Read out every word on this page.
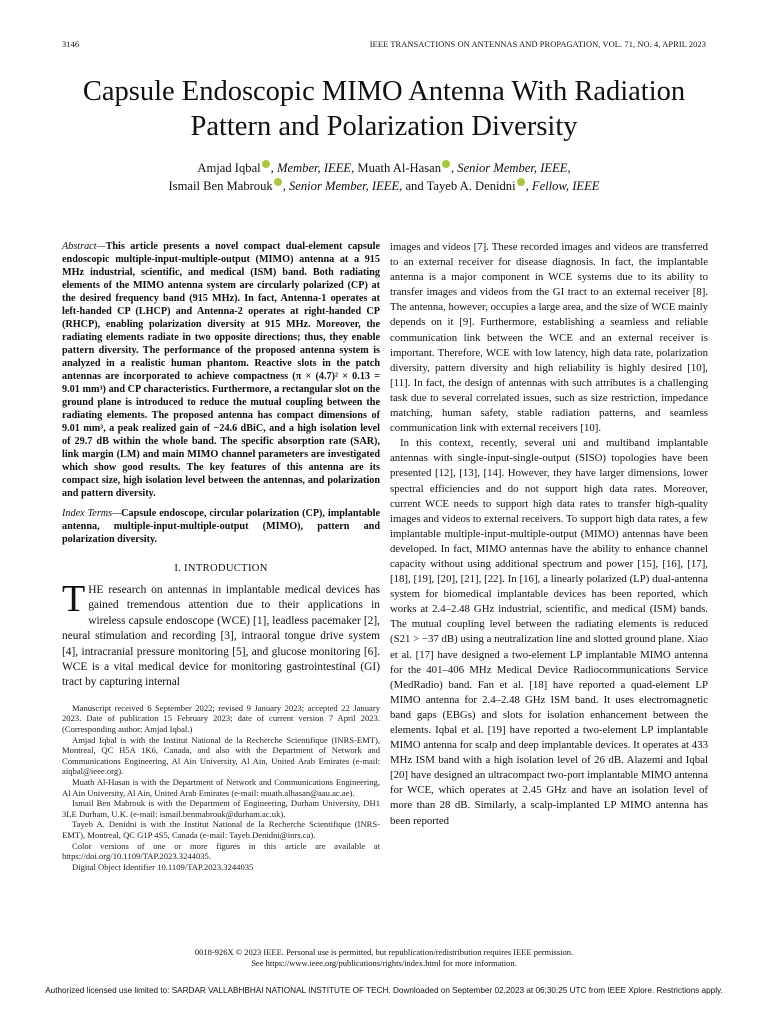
3146	IEEE TRANSACTIONS ON ANTENNAS AND PROPAGATION, VOL. 71, NO. 4, APRIL 2023
Capsule Endoscopic MIMO Antenna With Radiation Pattern and Polarization Diversity
Amjad Iqbal , Member, IEEE, Muath Al-Hasan , Senior Member, IEEE,
Ismail Ben Mabrouk , Senior Member, IEEE, and Tayeb A. Denidni , Fellow, IEEE
Abstract—This article presents a novel compact dual-element capsule endoscopic multiple-input-multiple-output (MIMO) antenna at a 915 MHz industrial, scientific, and medical (ISM) band. Both radiating elements of the MIMO antenna system are circularly polarized (CP) at the desired frequency band (915 MHz). In fact, Antenna-1 operates at left-handed CP (LHCP) and Antenna-2 operates at right-handed CP (RHCP), enabling polarization diversity at 915 MHz. Moreover, the radiating elements radiate in two opposite directions; thus, they enable pattern diversity. The performance of the proposed antenna system is analyzed in a realistic human phantom. Reactive slots in the patch antennas are incorporated to achieve compactness (π × (4.7)² × 0.13 = 9.01 mm³) and CP characteristics. Furthermore, a rectangular slot on the ground plane is introduced to reduce the mutual coupling between the radiating elements. The proposed antenna has compact dimensions of 9.01 mm³, a peak realized gain of −24.6 dBiC, and a high isolation level of 29.7 dB within the whole band. The specific absorption rate (SAR), link margin (LM) and main MIMO channel parameters are investigated which show good results. The key features of this antenna are its compact size, high isolation level between the antennas, and polarization and pattern diversity.
Index Terms—Capsule endoscope, circular polarization (CP), implantable antenna, multiple-input-multiple-output (MIMO), pattern and polarization diversity.
I. INTRODUCTION
THE research on antennas in implantable medical devices has gained tremendous attention due to their applications in wireless capsule endoscope (WCE) [1], leadless pacemaker [2], neural stimulation and recording [3], intraoral tongue drive system [4], intracranial pressure monitoring [5], and glucose monitoring [6]. WCE is a vital medical device for monitoring gastrointestinal (GI) tract by capturing internal

Manuscript received 6 September 2022; revised 9 January 2023; accepted 22 January 2023. Date of publication 15 February 2023; date of current version 7 April 2023. (Corresponding author: Amjad Iqbal.)

Amjad Iqbal is with the Institut National de la Recherche Scientifique (INRS-EMT), Montreal, QC H5A 1K6, Canada, and also with the Department of Network and Communications Engineering, Al Ain University, Al Ain, United Arab Emirates (e-mail: aiqbal@ieee.org).

Muath Al-Hasan is with the Department of Network and Communications Engineering, Al Ain University, Al Ain, United Arab Emirates (e-mail: muath.alhasan@aau.ac.ae).

Ismail Ben Mabrouk is with the Department of Engineering, Durham University, DH1 3LE Durham, U.K. (e-mail: ismail.benmabrouk@durham.ac.uk).

Tayeb A. Denidni is with the Institut National de la Recherche Scientifique (INRS-EMT), Montreal, QC G1P 4S5, Canada (e-mail: Tayeb.Denidni@inrs.ca).

Color versions of one or more figures in this article are available at https://doi.org/10.1109/TAP.2023.3244035.

Digital Object Identifier 10.1109/TAP.2023.3244035

images and videos [7]. These recorded images and videos are transferred to an external receiver for disease diagnosis. In fact, the implantable antenna is a major component in WCE systems due to its ability to transfer images and videos from the GI tract to an external receiver [8]. The antenna, however, occupies a large area, and the size of WCE mainly depends on it [9]. Furthermore, establishing a seamless and reliable communication link between the WCE and an external receiver is important. Therefore, WCE with low latency, high data rate, polarization diversity, pattern diversity and high reliability is highly desired [10], [11]. In fact, the design of antennas with such attributes is a challenging task due to several correlated issues, such as size restriction, impedance matching, human safety, stable radiation patterns, and seamless communication link with external receivers [10].

In this context, recently, several uni and multiband implantable antennas with single-input-single-output (SISO) topologies have been presented [12], [13], [14]. However, they have larger dimensions, lower spectral efficiencies and do not support high data rates. Moreover, current WCE needs to support high data rates to transfer high-quality images and videos to external receivers. To support high data rates, a few implantable multiple-input-multiple-output (MIMO) antennas have been developed. In fact, MIMO antennas have the ability to enhance channel capacity without using additional spectrum and power [15], [16], [17], [18], [19], [20], [21], [22]. In [16], a linearly polarized (LP) dual-antenna system for biomedical implantable devices has been reported, which works at 2.4–2.48 GHz industrial, scientific, and medical (ISM) bands. The mutual coupling level between the radiating elements is reduced (S21 > −37 dB) using a neutralization line and slotted ground plane. Xiao et al. [17] have designed a two-element LP implantable MIMO antenna for the 401–406 MHz Medical Device Radiocommunications Service (MedRadio) band. Fan et al. [18] have reported a quad-element LP MIMO antenna for 2.4–2.48 GHz ISM band. It uses electromagnetic band gaps (EBGs) and slots for isolation enhancement between the elements. Iqbal et al. [19] have reported a two-element LP implantable MIMO antenna for scalp and deep implantable devices. It operates at 433 MHz ISM band with a high isolation level of 26 dB. Alazemi and Iqbal [20] have designed an ultracompact two-port implantable MIMO antenna for WCE, which operates at 2.45 GHz and have an isolation level of more than 28 dB. Similarly, a scalp-implanted LP MIMO antenna has been reported

0018-926X © 2023 IEEE. Personal use is permitted, but republication/redistribution requires IEEE permission.
See https://www.ieee.org/publications/rights/index.html for more information.
Authorized licensed use limited to: SARDAR VALLABHBHAI NATIONAL INSTITUTE OF TECH. Downloaded on September 02,2023 at 06:30:25 UTC from IEEE Xplore. Restrictions apply.
